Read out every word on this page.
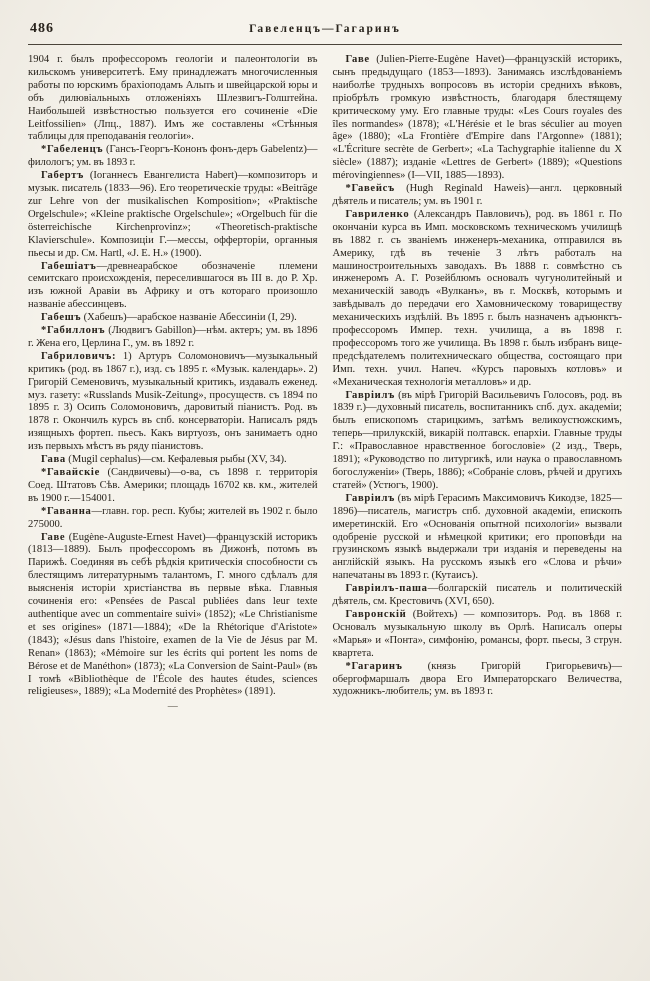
486	Гавеленцъ—Гагаринъ

1904 г. былъ профессоромъ геологіи и палеонтологіи въ кильскомъ университетѣ. Ему принадлежатъ многочисленныя работы по юрскимъ брахіоподамъ Альпъ и швейцарской юры и объ дилювіальныхъ отложеніяхъ Шлезвигъ-Голштейна. Наибольшей извѣстностью пользуется его сочиненіе «Die Leitfossilien» (Лпц., 1887). Имъ же составлены «Стѣнныя таблицы для преподаванія геологіи».

*Габеленцъ (Гансъ-Георгъ-Кононъ фонъ-деръ Gabelentz)—филологъ; ум. въ 1893 г.

Габертъ (Іоганнесъ Евангелиста Habert)—композиторъ и музык. писатель (1833—96). Его теоретическіе труды: «Beiträge zur Lehre von der musikalischen Komposition»; «Praktische Orgelschule»; «Kleine praktische Orgelschule»; «Orgelbuch für die österreichische Kirchenprovinz»; «Theoretisch-praktische Klavierschule». Композиціи Г.—мессы, офферторіи, органныя пьесы и др. См. Hartl, «J. E. H.» (1900).

Габешіатъ—древнеарабское обозначеніе племени семитскаго происхожденія, переселившагося въ III в. до Р. Хр. изъ южной Аравіи въ Африку и отъ котораго произошло названіе абессинцевъ.

Габешъ (Хабешъ)—арабское названіе Абессиніи (I, 29).

*Габиллонъ (Людвигъ Gabillon)—нѣм. актеръ; ум. въ 1896 г. Жена его, Церлина Г., ум. въ 1892 г.

Габриловичъ: 1) Артуръ Соломоновичъ—музыкальный критикъ (род. въ 1867 г.), изд. съ 1895 г. «Музык. календарь». 2) Григорій Семеновичъ, музыкальный критикъ, издавалъ еженед. муз. газету: «Russlands Musik-Zeitung», просуществ. съ 1894 по 1895 г. 3) Осипъ Соломоновичъ, даровитый піанистъ. Род. въ 1878 г. Окончилъ курсъ въ спб. консерваторіи. Написалъ рядъ изящныхъ фортеп. пьесъ. Какъ виртуозъ, онъ занимаетъ одно изъ первыхъ мѣстъ въ ряду піанистовъ.

Гава (Mugil cephalus)—см. Кефалевыя рыбы (XV, 34).

*Гавайскіе (Сандвичевы)—о-ва, съ 1898 г. территорія Соед. Штатовъ Сѣв. Америки; площадь 16702 кв. км., жителей въ 1900 г.—154001.

*Гаванна—главн. гор. респ. Кубы; жителей въ 1902 г. было 275000.

Гаве (Eugène-Auguste-Ernest Havet)—французскій историкъ (1813—1889). Былъ профессоромъ въ Дижонѣ, потомъ въ Парижѣ. Соединяя въ себѣ рѣдкія критическія способности съ блестящимъ литературнымъ талантомъ, Г. много сдѣлалъ для выясненія исторіи христіанства въ первые вѣка. Главныя сочиненія его: «Pensées de Pascal publiées dans leur texte authentique avec un commentaire suivi» (1852); «Le Christianisme et ses origines» (1871—1884); «De la Rhétorique d'Aristote» (1843); «Jésus dans l'histoire, examen de la Vie de Jésus par M. Renan» (1863); «Mémoire sur les écrits qui portent les noms de Bérose et de Manéthon» (1873); «La Conversion de Saint-Paul» (въ I томѣ «Bibliothèque de l'École des hautes études, sciences religieuses», 1889); «La Modernité des Prophètes» (1891).

—

Гаве (Julien-Pierre-Eugène Havet)—французскій историкъ, сынъ предыдущаго (1853—1893). Занимаясь изслѣдованіемъ наиболѣе трудныхъ вопросовъ въ исторіи среднихъ вѣковъ, пріобрѣлъ громкую извѣстность, благодаря блестящему критическому уму. Его главные труды: «Les Cours royales des îles normandes» (1878); «L'Hérésie et le bras séculier au moyen âge» (1880); «La Frontière d'Empire dans l'Argonne» (1881); «L'Écriture secrète de Gerbert»; «La Tachygraphie italienne du X siècle» (1887); изданіе «Lettres de Gerbert» (1889); «Questions mérovingiennes» (I—VII, 1885—1893).

*Гавейсъ (Hugh Reginald Haweis)—англ. церковный дѣятель и писатель; ум. въ 1901 г.

Гавриленко (Александръ Павловичъ), род. въ 1861 г. По окончаніи курса въ Имп. московскомъ техническомъ училищѣ въ 1882 г. съ званіемъ инженеръ-механика, отправился въ Америку, гдѣ въ теченіе 3 лѣтъ работалъ на машиностроительныхъ заводахъ. Въ 1888 г. совмѣстно съ инженеромъ А. Г. Розейблюмъ основалъ чугунолитейный и механическій заводъ «Вулканъ», въ г. Москвѣ, которымъ и завѣдывалъ до передачи его Хамовническому товариществу механическихъ издѣлій. Въ 1895 г. былъ назначенъ адъюнктъ-профессоромъ Импер. техн. училища, а въ 1898 г. профессоромъ того же училища. Въ 1898 г. былъ избранъ вице-предсѣдателемъ политехническаго общества, состоящаго при Имп. техн. учил. Напеч. «Курсъ паровыхъ котловъ» и «Механическая технологія металловъ» и др.

Гавріилъ (въ мірѣ Григорій Васильевичъ Голосовъ, род. въ 1839 г.)—духовный писатель, воспитанникъ спб. дух. академіи; былъ епископомъ старицкимъ, затѣмъ великоустюжскимъ, теперь—прилукскій, викарій полтавск. епархіи. Главные труды Г.: «Православное нравственное богословіе» (2 изд., Тверь, 1891); «Руководство по литургикѣ, или наука о православномъ богослуженіи» (Тверь, 1886); «Собраніе словъ, рѣчей и другихъ статей» (Устюгъ, 1900).

Гавріилъ (въ мірѣ Герасимъ Максимовичъ Кикодзе, 1825—1896)—писатель, магистръ спб. духовной академіи, епископъ имеретинскій. Его «Основанія опытной психологіи» вызвали одобреніе русской и нѣмецкой критики; его проповѣди на грузинскомъ языкѣ выдержали три изданія и переведены на англійскій языкъ. На русскомъ языкѣ его «Слова и рѣчи» напечатаны въ 1893 г. (Кутаисъ).

Гавріилъ-паша—болгарскій писатель и политическій дѣятель, см. Крестовичъ (XVI, 650).

Гавронскій (Войтехъ) — композиторъ. Род. въ 1868 г. Основалъ музыкальную школу въ Орлѣ. Написалъ оперы «Марья» и «Понта», симфонію, романсы, форт. пьесы, 3 струн. квартета.

*Гагаринъ (князь Григорій Григорьевичъ)—обергофмаршалъ двора Его Императорскаго Величества, художникъ-любитель; ум. въ 1893 г.
